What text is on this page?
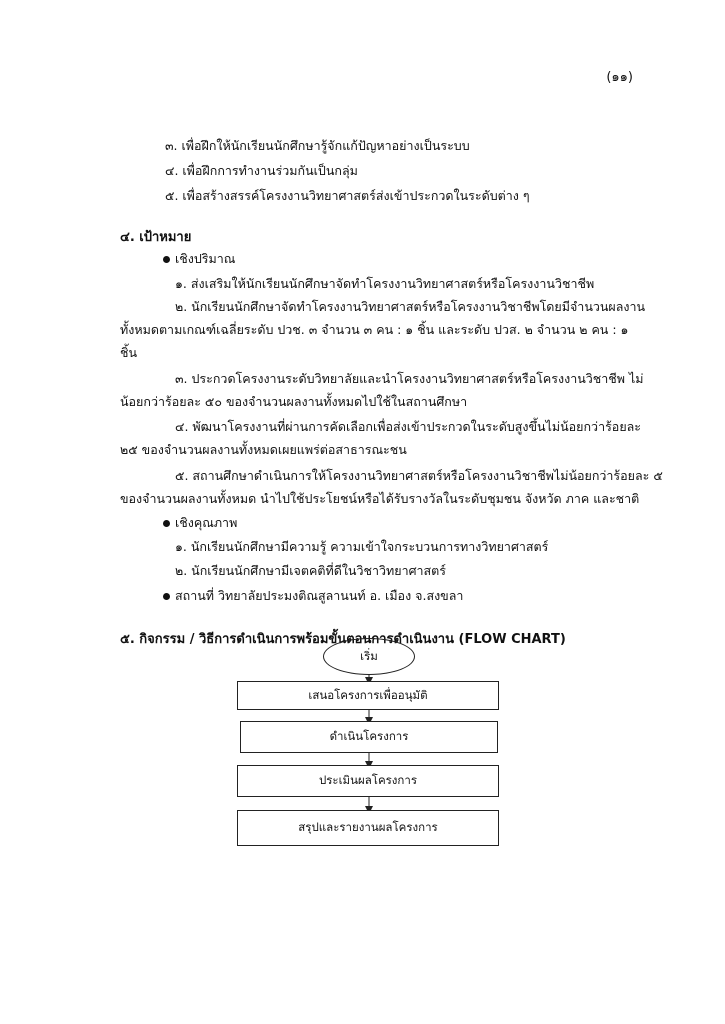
(๑๑)
๓. เพื่อฝึกให้นักเรียนนักศึกษารู้จักแก้ปัญหาอย่างเป็นระบบ
๔. เพื่อฝึกการทำงานร่วมกันเป็นกลุ่ม
๕. เพื่อสร้างสรรค์โครงงานวิทยาศาสตร์ส่งเข้าประกวดในระดับต่าง ๆ
๔. เป้าหมาย
เชิงปริมาณ
๑. ส่งเสริมให้นักเรียนนักศึกษาจัดทำโครงงานวิทยาศาสตร์หรือโครงงานวิชาชีพ
๒. นักเรียนนักศึกษาจัดทำโครงงานวิทยาศาสตร์หรือโครงงานวิชาชีพโดยมีจำนวนผลงาน
ทั้งหมดตามเกณฑ์เฉลี่ยระดับ ปวช. ๓ จำนวน ๓ คน : ๑ ชิ้น และระดับ ปวส. ๒ จำนวน ๒ คน : ๑
ชิ้น
๓. ประกวดโครงงานระดับวิทยาลัยและนำโครงงานวิทยาศาสตร์หรือโครงงานวิชาชีพ ไม่
น้อยกว่าร้อยละ ๕๐ ของจำนวนผลงานทั้งหมดไปใช้ในสถานศึกษา
๔. พัฒนาโครงงานที่ผ่านการคัดเลือกเพื่อส่งเข้าประกวดในระดับสูงขึ้นไม่น้อยกว่าร้อยละ
๒๕ ของจำนวนผลงานทั้งหมดเผยแพร่ต่อสาธารณะชน
๕. สถานศึกษาดำเนินการให้โครงงานวิทยาศาสตร์หรือโครงงานวิชาชีพไม่น้อยกว่าร้อยละ ๕
ของจำนวนผลงานทั้งหมด นำไปใช้ประโยชน์หรือได้รับรางวัลในระดับชุมชน จังหวัด ภาค และชาติ
เชิงคุณภาพ
๑. นักเรียนนักศึกษามีความรู้ ความเข้าใจกระบวนการทางวิทยาศาสตร์
๒. นักเรียนนักศึกษามีเจตคติที่ดีในวิชาวิทยาศาสตร์
สถานที่ วิทยาลัยประมงติณสูลานนท์ อ. เมือง จ.สงขลา
๕. กิจกรรม / วิธีการดำเนินการพร้อมขั้นตอนการดำเนินงาน (FLOW CHART)
เริ่ม
เสนอโครงการเพื่ออนุมัติ
ดำเนินโครงการ
ประเมินผลโครงการ
สรุปและรายงานผลโครงการ
